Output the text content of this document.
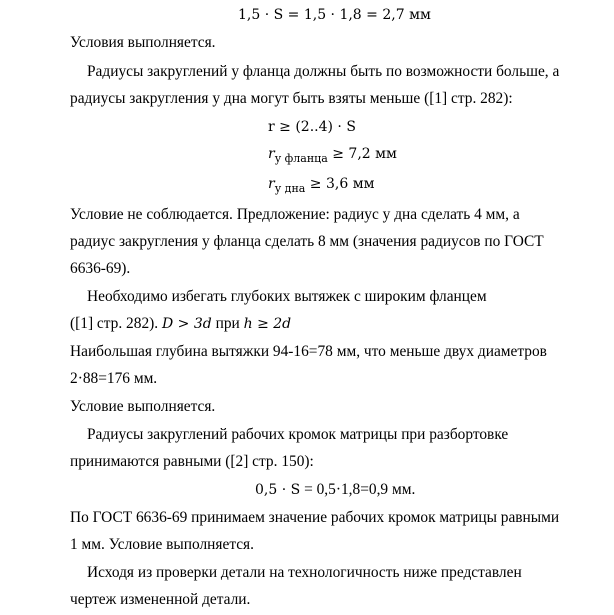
1,5 · S = 1,5 · 1,8 = 2,7 мм
Условия выполняется.
Радиусы закруглений у фланца должны быть по возможности больше, а
радиусы закругления у дна могут быть взяты меньше ([1] стр. 282):
r ≥ (2..4) · S
$r_{у фланца} \ge 7,2$ мм
$r_{у дна} \ge 3,6$ мм
Условие не соблюдается. Предложение: радиус у дна сделать 4 мм, а
радиус закругления у фланца сделать 8 мм (значения радиусов по ГОСТ
6636-69).
Необходимо избегать глубоких вытяжек с широким фланцем
([1] стр. 282). D > 3d при h ≥ 2d
Наибольшая глубина вытяжки 94-16=78 мм, что меньше двух диаметров
2·88=176 мм.
Условие выполняется.
Радиусы закруглений рабочих кромок матрицы при разбортовке
принимаются равными ([2] стр. 150):
0,5 · S = 0,5·1,8=0,9 мм.
По ГОСТ 6636-69 принимаем значение рабочих кромок матрицы равными
1 мм. Условие выполняется.
Исходя из проверки детали на технологичность ниже представлен
чертеж измененной детали.
